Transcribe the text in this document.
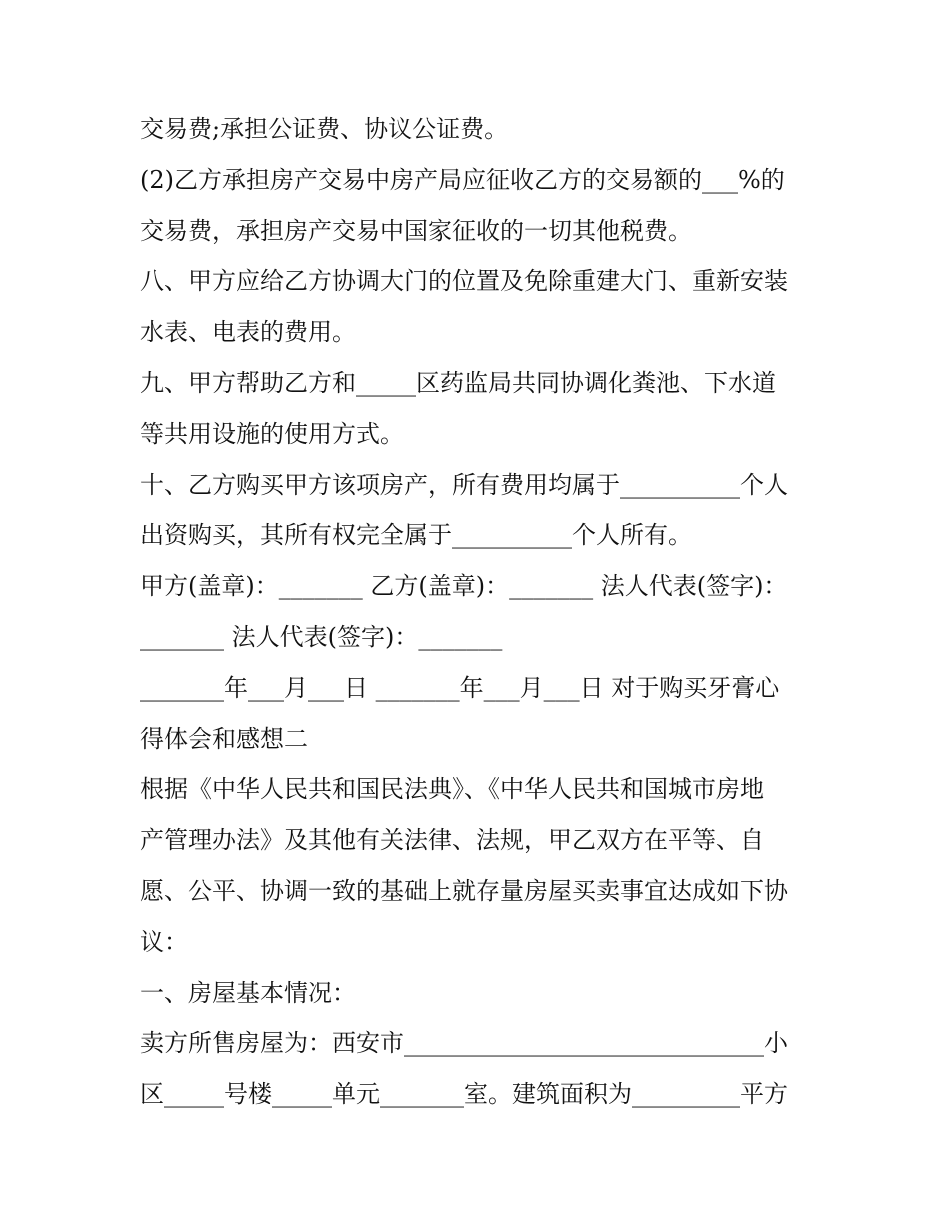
交易费;承担公证费、协议公证费。
(2)乙方承担房产交易中房产局应征收乙方的交易额的___%的
交易费，承担房产交易中国家征收的一切其他税费。
八、甲方应给乙方协调大门的位置及免除重建大门、重新安装
水表、电表的费用。
九、甲方帮助乙方和_____区药监局共同协调化粪池、下水道
等共用设施的使用方式。
十、乙方购买甲方该项房产，所有费用均属于__________个人
出资购买，其所有权完全属于__________个人所有。
甲方(盖章)：_______ 乙方(盖章)：_______ 法人代表(签字)：
_______ 法人代表(签字)：_______
_______年___月___日 _______年___月___日 对于购买牙膏心
得体会和感想二
根据《中华人民共和国民法典》、《中华人民共和国城市房地
产管理办法》及其他有关法律、法规，甲乙双方在平等、自
愿、公平、协调一致的基础上就存量房屋买卖事宜达成如下协
议：
一、房屋基本情况：
卖方所售房屋为：西安市______________________________小
区_____号楼_____单元_______室。建筑面积为_________平方
